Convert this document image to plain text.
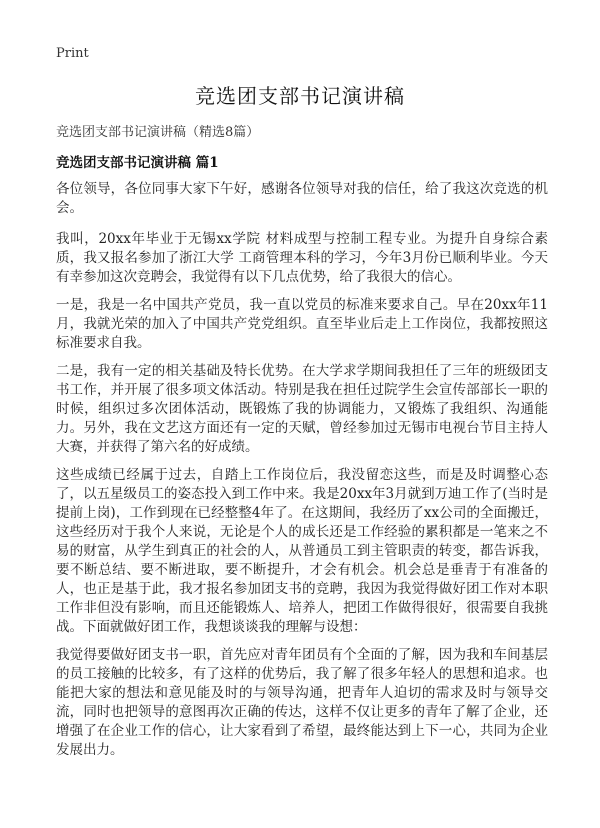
Print
竞选团支部书记演讲稿
竞选团支部书记演讲稿（精选8篇）
竞选团支部书记演讲稿 篇1

各位领导，各位同事大家下午好，感谢各位领导对我的信任，给了我这次竞选的机会。

我叫，20xx年毕业于无锡xx学院 材料成型与控制工程专业。为提升自身综合素质，我又报名参加了浙江大学 工商管理本科的学习，今年3月份已顺利毕业。今天有幸参加这次竞聘会，我觉得有以下几点优势，给了我很大的信心。

一是，我是一名中国共产党员，我一直以党员的标准来要求自己。早在20xx年11月，我就光荣的加入了中国共产党党组织。直至毕业后走上工作岗位，我都按照这标准要求自我。

二是，我有一定的相关基础及特长优势。在大学求学期间我担任了三年的班级团支书工作，并开展了很多项文体活动。特别是我在担任过院学生会宣传部部长一职的时候，组织过多次团体活动，既锻炼了我的协调能力，又锻炼了我组织、沟通能力。另外，我在文艺这方面还有一定的天赋，曾经参加过无锡市电视台节目主持人大赛，并获得了第六名的好成绩。

这些成绩已经属于过去，自踏上工作岗位后，我没留恋这些，而是及时调整心态了，以五星级员工的姿态投入到工作中来。我是20xx年3月就到万迪工作了(当时是提前上岗)，工作到现在已经整整4年了。在这期间，我经历了xx公司的全面搬迁，这些经历对于我个人来说，无论是个人的成长还是工作经验的累积都是一笔来之不易的财富，从学生到真正的社会的人，从普通员工到主管职责的转变，都告诉我，要不断总结、要不断进取，要不断提升，才会有机会。机会总是垂青于有准备的人，也正是基于此，我才报名参加团支书的竞聘，我因为我觉得做好团工作对本职工作非但没有影响，而且还能锻炼人、培养人，把团工作做得很好，很需要自我挑战。下面就做好团工作，我想谈谈我的理解与设想：

我觉得要做好团支书一职，首先应对青年团员有个全面的了解，因为我和车间基层的员工接触的比较多，有了这样的优势后，我了解了很多年轻人的思想和追求。也能把大家的想法和意见能及时的与领导沟通，把青年人迫切的需求及时与领导交流，同时也把领导的意图再次正确的传达，这样不仅让更多的青年了解了企业，还增强了在企业工作的信心，让大家看到了希望，最终能达到上下一心，共同为企业发展出力。
